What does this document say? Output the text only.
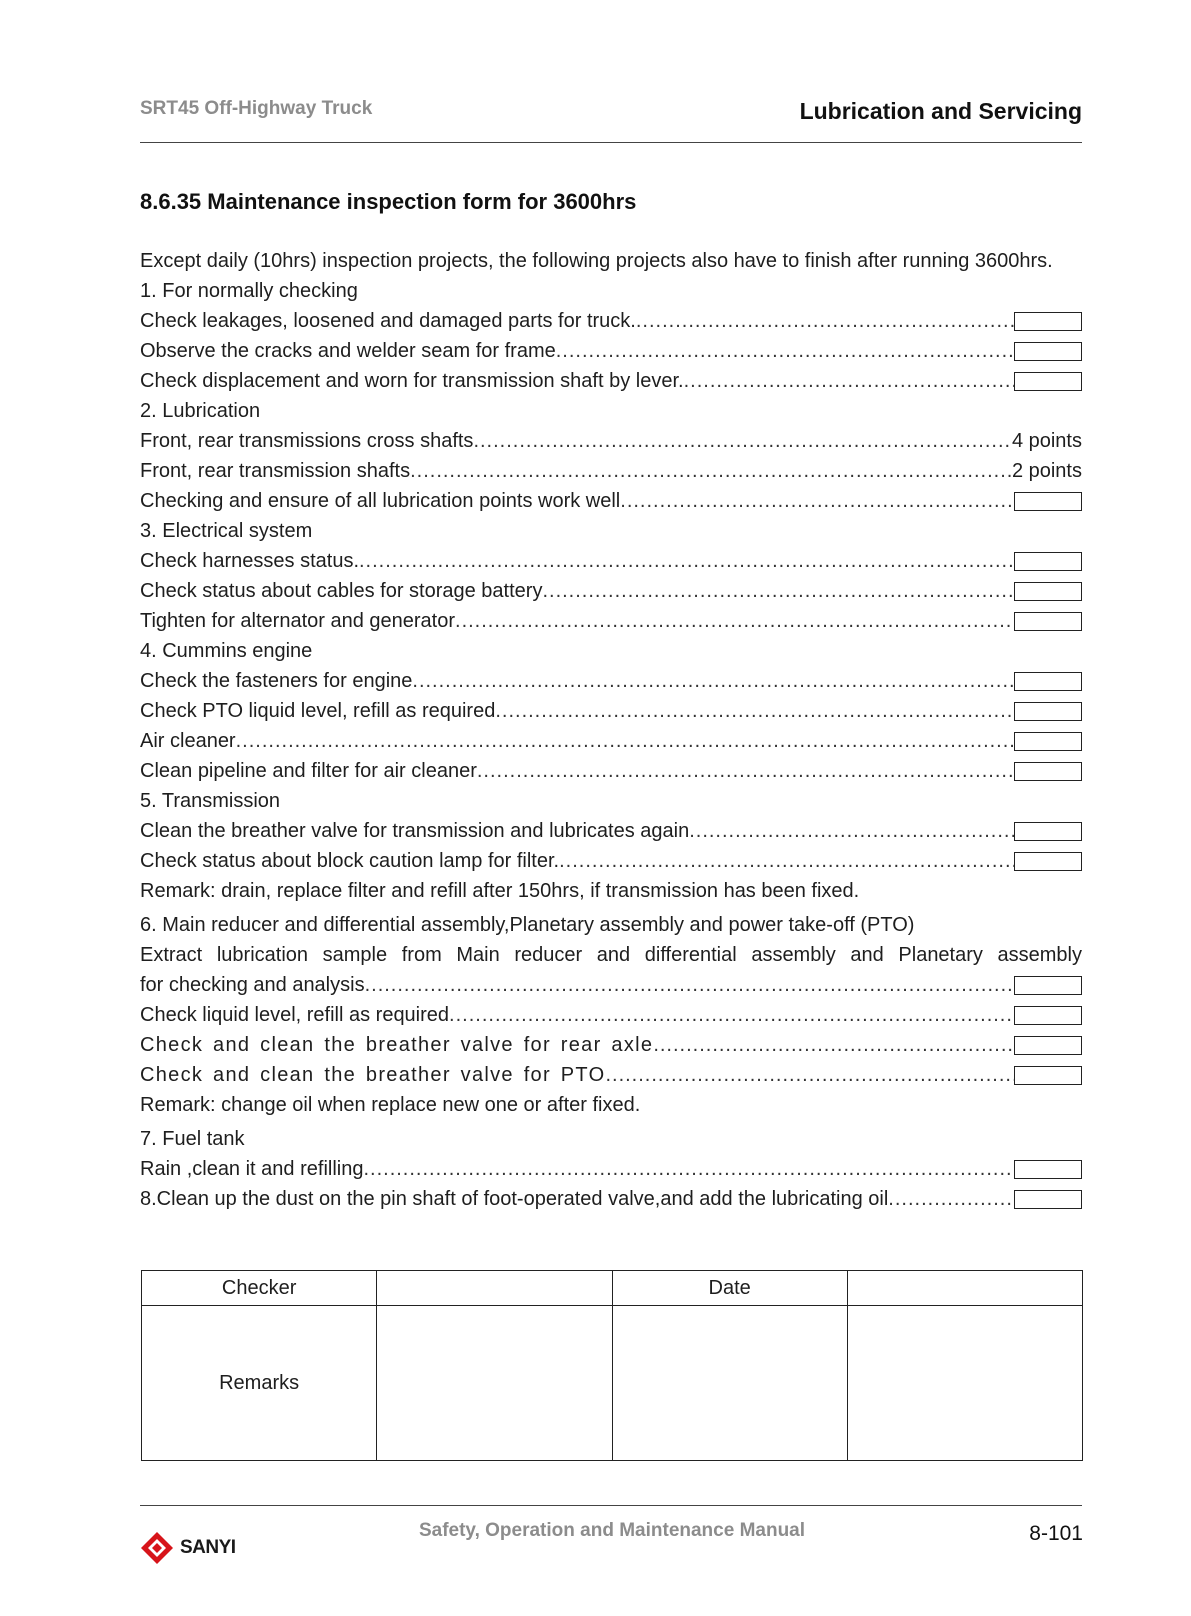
SRT45 Off-Highway Truck	Lubrication and Servicing
8.6.35 Maintenance inspection form for 3600hrs
Except daily (10hrs) inspection projects, the following projects also have to finish after running 3600hrs.
1. For normally checking
Check leakages, loosened and damaged parts for truck.
.....
Observe the cracks and welder seam for frame
.....
Check displacement and worn for transmission shaft by lever.
.....
2. Lubrication
Front, rear transmissions cross shafts .....	4 points
Front, rear transmission shafts .....	2 points
Checking and ensure of all lubrication points work well
.....
3. Electrical system
Check harnesses status.
.....
Check status about cables for storage battery
.....
Tighten for alternator and generator
.....
4. Cummins engine
Check the fasteners for engine
.....
Check PTO liquid level, refill as required
.....
Air cleaner
.....
Clean pipeline and filter for air cleaner
.....
5. Transmission
Clean the breather valve for transmission and lubricates again
.....
Check status about block caution lamp for filter.
.....
Remark: drain, replace filter and refill after 150hrs, if transmission has been fixed.
6. Main reducer and differential assembly,Planetary assembly and power take-off (PTO)
Extract lubrication sample from Main reducer and differential assembly and Planetary assembly
for checking and analysis
.....
Check liquid level, refill as required
.....
Check and clean the breather valve for rear axle
.....
Check and clean the breather valve for PTO
.....
Remark: change oil when replace new one or after fixed.
7. Fuel tank
Rain ,clean it and refilling
.....
8.Clean up the dust on the pin shaft of foot-operated valve,and add the lubricating oil
.....
Checker		Date	
Remarks			
SANYI
Safety, Operation and Maintenance Manual	8-101
